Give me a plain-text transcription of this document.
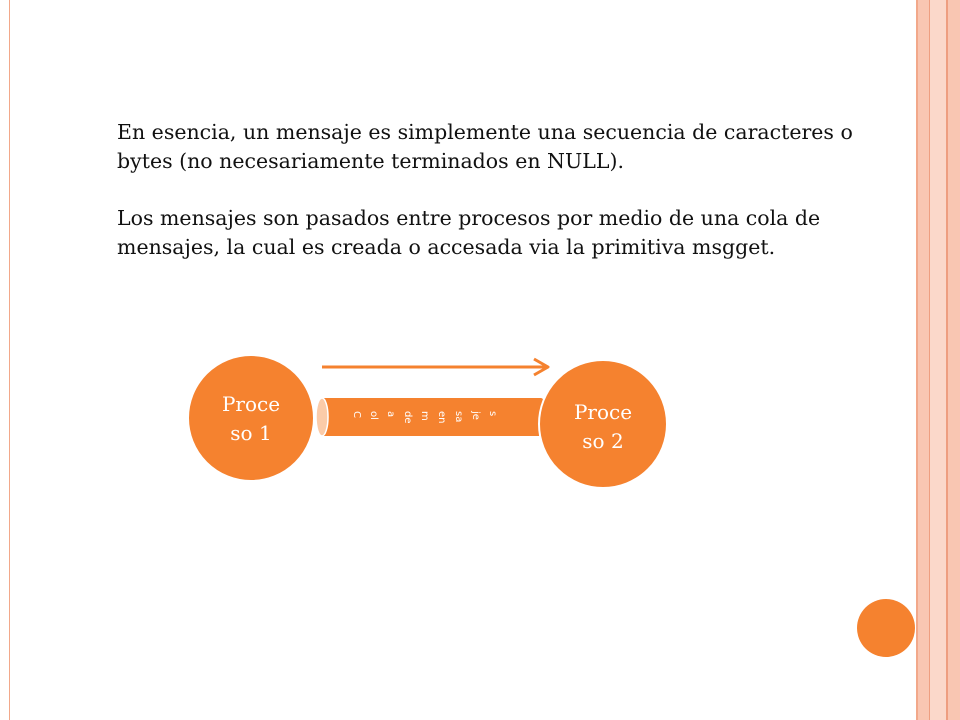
En esencia, un mensaje es simplemente una secuencia de caracteres o bytes (no necesariamente terminados en NULL).

Los mensajes son pasados entre procesos por medio de una cola de mensajes, la cual es creada o accesada via la primitiva msgget.

C ol a de m en sa je s
Proce
so 1
Proce
so 2
